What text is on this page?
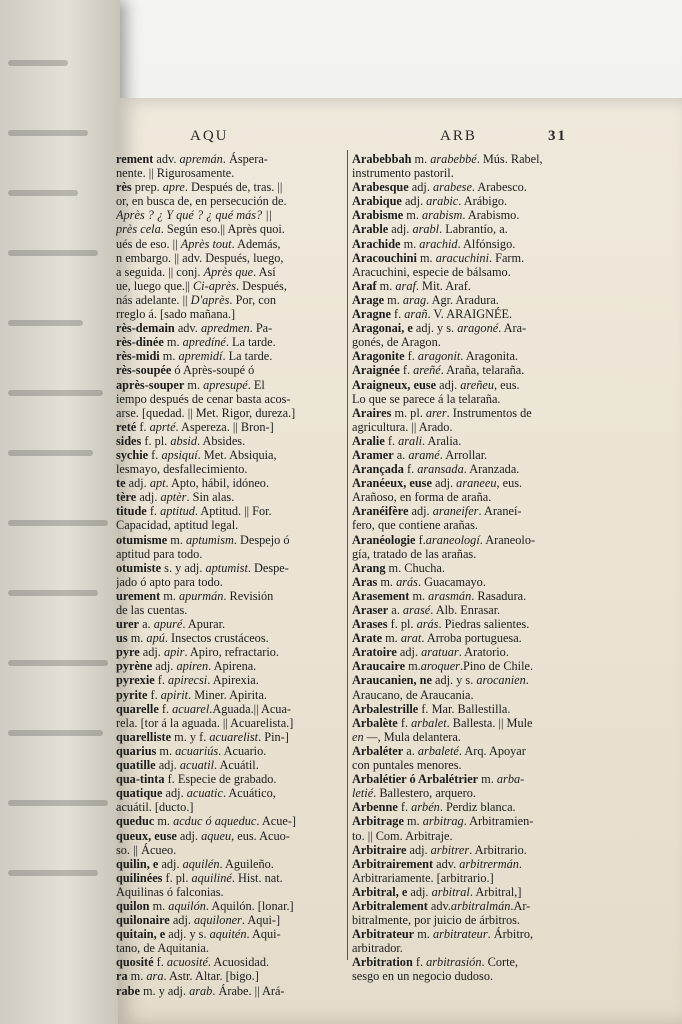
AQU	ARB	31
rement adv. apremán. Áspera-
nente. || Rigurosamente.
rès prep. apre. Después de, tras. ||
or, en busca de, en persecución de.
Après ? ¿ Y qué ? ¿ qué más? ||
près cela. Según eso.|| Après quoi.
ués de eso. || Après tout. Además,
n embargo. || adv. Después, luego,
a seguida. || conj. Après que. Así
ue, luego que.|| Ci-après. Después,
nás adelante. || D'après. Por, con
rreglo á. [sado mañana.]
rès-demain adv. apredmen. Pa-
rès-dinée m. apredíné. La tarde.
rès-midi m. apremidí. La tarde.
rès-soupée ó Après-soupé ó
après-souper m. apresupé. El
iempo después de cenar basta acos-
arse. [quedad. || Met. Rigor, dureza.]
reté f. aprté. Aspereza. || Bron-]
sides f. pl. absid. Absides.
sychie f. apsiquí. Met. Absiquia,
lesmayo, desfallecimiento.
te adj. apt. Apto, hábil, idóneo.
tère adj. aptèr. Sin alas.
titude f. aptitud. Aptitud. || For.
Capacidad, aptitud legal.
otumisme m. aptumism. Despejo ó
aptitud para todo.
otumiste s. y adj. aptumist. Despe-
jado ó apto para todo.
urement m. apurmán. Revisión
de las cuentas.
urer a. apuré. Apurar.
us m. apú. Insectos crustáceos.
pyre adj. apir. Apiro, refractario.
pyrène adj. apiren. Apirena.
pyrexie f. apirecsi. Apirexia.
pyrite f. apirit. Miner. Apirita.
quarelle f. acuarel.Aguada.|| Acua-
rela. [tor á la aguada. || Acuarelista.]
quarelliste m. y f. acuarelist. Pin-]
quarius m. acuariús. Acuario.
quatille adj. acuatil. Acuátil.
qua-tinta f. Especie de grabado.
quatique adj. acuatic. Acuático,
acuátil. [ducto.]
queduc m. acduc ó aqueduc. Acue-]
queux, euse adj. aqueu, eus. Acuo-
so. || Ácueo.
quilin, e adj. aquilén. Aguileño.
quilinées f. pl. aquiliné. Hist. nat.
Aquilinas ó falconias.
quilon m. aquilón. Aquilón. [lonar.]
quilonaire adj. aquiloner. Aqui-]
quitain, e adj. y s. aquitén. Aqui-
tano, de Aquitania.
quosité f. acuosité. Acuosidad.
ra m. ara. Astr. Altar. [bigo.]
rabe m. y adj. arab. Árabe. || Ará-
Arabebbah m. arabebbé. Mús. Rabel,
instrumento pastoril.
Arabesque adj. arabese. Arabesco.
Arabique adj. arabic. Arábigo.
Arabisme m. arabism. Arabismo.
Arable adj. arabl. Labrantío, a.
Arachide m. arachid. Alfónsigo.
Aracouchini m. aracuchini. Farm.
Aracuchini, especie de bálsamo.
Araf m. araf. Mit. Araf.
Arage m. arag. Agr. Aradura.
Aragne f. arañ. V. ARAIGNÉE.
Aragonai, e adj. y s. aragoné. Ara-
gonés, de Aragon.
Aragonite f. aragonit. Aragonita.
Araignée f. areñé. Araña, telaraña.
Araigneux, euse adj. areñeu, eus.
Lo que se parece á la telaraña.
Araires m. pl. arer. Instrumentos de
agricultura. || Arado.
Aralie f. arali. Aralia.
Aramer a. aramé. Arrollar.
Arançada f. aransada. Aranzada.
Aranéeux, euse adj. araneeu, eus.
Arañoso, en forma de araña.
Aranéifère adj. araneifer. Araneí-
fero, que contiene arañas.
Aranéologie f.araneologí. Araneolo-
gía, tratado de las arañas.
Arang m. Chucha.
Aras m. arás. Guacamayo.
Arasement m. arasmán. Rasadura.
Araser a. arasé. Alb. Enrasar.
Arases f. pl. arás. Piedras salientes.
Arate m. arat. Arroba portuguesa.
Aratoire adj. aratuar. Aratorio.
Araucaire m.aroquer.Pino de Chile.
Araucanien, ne adj. y s. arocanien.
Araucano, de Araucania.
Arbalestrille f. Mar. Ballestilla.
Arbalète f. arbalet. Ballesta. || Mule
en —, Mula delantera.
Arbaléter a. arbaleté. Arq. Apoyar
con puntales menores.
Arbalétier ó Arbalétrier m. arba-
letié. Ballestero, arquero.
Arbenne f. arbén. Perdiz blanca.
Arbitrage m. arbitrag. Arbitramien-
to. || Com. Arbitraje.
Arbitraire adj. arbitrer. Arbitrario.
Arbitrairement adv. arbitrermán.
Arbitrariamente. [arbitrario.]
Arbitral, e adj. arbitral. Arbitral,]
Arbitralement adv.arbitralmán.Ar-
bitralmente, por juicio de árbitros.
Arbitrateur m. arbitrateur. Árbitro,
arbitrador.
Arbitration f. arbitrasión. Corte,
sesgo en un negocio dudoso.
